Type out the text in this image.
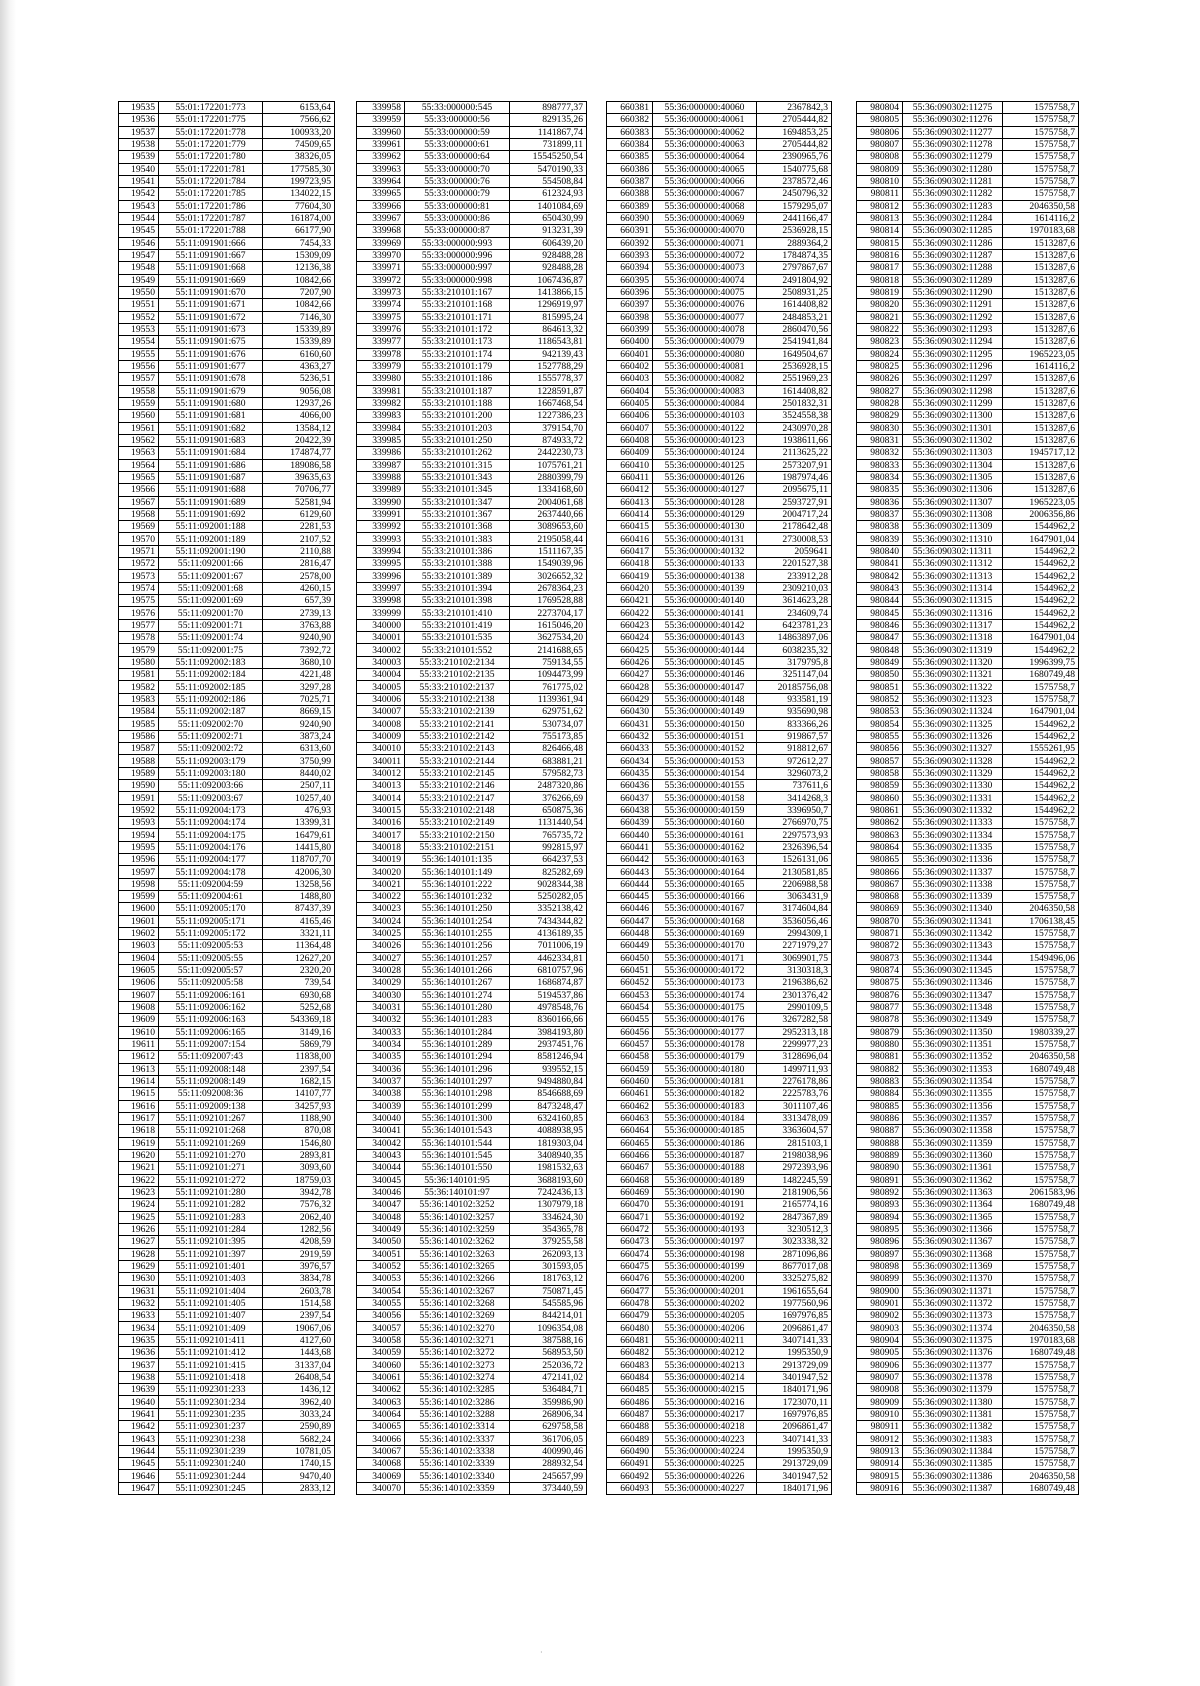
19535	55:01:172201:773	6153,64
19536	55:01:172201:775	7566,62
19537	55:01:172201:778	100933,20
19538	55:01:172201:779	74509,65
19539	55:01:172201:780	38326,05
19540	55:01:172201:781	177585,30
19541	55:01:172201:784	199723,95
19542	55:01:172201:785	134022,15
19543	55:01:172201:786	77604,30
19544	55:01:172201:787	161874,00
19545	55:01:172201:788	66177,90
19546	55:11:091901:666	7454,33
19547	55:11:091901:667	15309,09
19548	55:11:091901:668	12136,38
19549	55:11:091901:669	10842,66
19550	55:11:091901:670	7207,90
19551	55:11:091901:671	10842,66
19552	55:11:091901:672	7146,30
19553	55:11:091901:673	15339,89
19554	55:11:091901:675	15339,89
19555	55:11:091901:676	6160,60
19556	55:11:091901:677	4363,27
19557	55:11:091901:678	5236,51
19558	55:11:091901:679	9056,08
19559	55:11:091901:680	12937,26
19560	55:11:091901:681	4066,00
19561	55:11:091901:682	13584,12
19562	55:11:091901:683	20422,39
19563	55:11:091901:684	174874,77
19564	55:11:091901:686	189086,58
19565	55:11:091901:687	39635,63
19566	55:11:091901:688	70706,77
19567	55:11:091901:689	52581,94
19568	55:11:091901:692	6129,60
19569	55:11:092001:188	2281,53
19570	55:11:092001:189	2107,52
19571	55:11:092001:190	2110,88
19572	55:11:092001:66	2816,47
19573	55:11:092001:67	2578,00
19574	55:11:092001:68	4260,15
19575	55:11:092001:69	657,39
19576	55:11:092001:70	2739,13
19577	55:11:092001:71	3763,88
19578	55:11:092001:74	9240,90
19579	55:11:092001:75	7392,72
19580	55:11:092002:183	3680,10
19581	55:11:092002:184	4221,48
19582	55:11:092002:185	3297,28
19583	55:11:092002:186	7025,71
19584	55:11:092002:187	8669,15
19585	55:11:092002:70	9240,90
19586	55:11:092002:71	3873,24
19587	55:11:092002:72	6313,60
19588	55:11:092003:179	3750,99
19589	55:11:092003:180	8440,02
19590	55:11:092003:66	2507,11
19591	55:11:092003:67	10257,40
19592	55:11:092004:173	476,93
19593	55:11:092004:174	13399,31
19594	55:11:092004:175	16479,61
19595	55:11:092004:176	14415,80
19596	55:11:092004:177	118707,70
19597	55:11:092004:178	42006,30
19598	55:11:092004:59	13258,56
19599	55:11:092004:61	1488,80
19600	55:11:092005:170	87437,39
19601	55:11:092005:171	4165,46
19602	55:11:092005:172	3321,11
19603	55:11:092005:53	11364,48
19604	55:11:092005:55	12627,20
19605	55:11:092005:57	2320,20
19606	55:11:092005:58	739,54
19607	55:11:092006:161	6930,68
19608	55:11:092006:162	5252,68
19609	55:11:092006:163	543369,18
19610	55:11:092006:165	3149,16
19611	55:11:092007:154	5869,79
19612	55:11:092007:43	11838,00
19613	55:11:092008:148	2397,54
19614	55:11:092008:149	1682,15
19615	55:11:092008:36	14107,77
19616	55:11:092009:138	34257,93
19617	55:11:092101:267	1188,90
19618	55:11:092101:268	870,08
19619	55:11:092101:269	1546,80
19620	55:11:092101:270	2893,81
19621	55:11:092101:271	3093,60
19622	55:11:092101:272	18759,03
19623	55:11:092101:280	3942,78
19624	55:11:092101:282	7576,32
19625	55:11:092101:283	2062,40
19626	55:11:092101:284	1282,56
19627	55:11:092101:395	4208,59
19628	55:11:092101:397	2919,59
19629	55:11:092101:401	3976,57
19630	55:11:092101:403	3834,78
19631	55:11:092101:404	2603,78
19632	55:11:092101:405	1514,58
19633	55:11:092101:407	2397,54
19634	55:11:092101:409	19067,06
19635	55:11:092101:411	4127,60
19636	55:11:092101:412	1443,68
19637	55:11:092101:415	31337,04
19638	55:11:092101:418	26408,54
19639	55:11:092301:233	1436,12
19640	55:11:092301:234	3962,40
19641	55:11:092301:235	3033,24
19642	55:11:092301:237	2590,89
19643	55:11:092301:238	5682,24
19644	55:11:092301:239	10781,05
19645	55:11:092301:240	1740,15
19646	55:11:092301:244	9470,40
19647	55:11:092301:245	2833,12
339958	55:33:000000:545	898777,37
339959	55:33:000000:56	829135,26
339960	55:33:000000:59	1141867,74
339961	55:33:000000:61	731899,11
339962	55:33:000000:64	15545250,54
339963	55:33:000000:70	5470190,33
339964	55:33:000000:76	554508,84
339965	55:33:000000:79	612324,93
339966	55:33:000000:81	1401084,69
339967	55:33:000000:86	650430,99
339968	55:33:000000:87	913231,39
339969	55:33:000000:993	606439,20
339970	55:33:000000:996	928488,28
339971	55:33:000000:997	928488,28
339972	55:33:000000:998	1067436,87
339973	55:33:210101:167	1413866,15
339974	55:33:210101:168	1296919,97
339975	55:33:210101:171	815995,24
339976	55:33:210101:172	864613,32
339977	55:33:210101:173	1186543,81
339978	55:33:210101:174	942139,43
339979	55:33:210101:179	1527788,29
339980	55:33:210101:186	1555778,37
339981	55:33:210101:187	1228591,87
339982	55:33:210101:188	1667468,54
339983	55:33:210101:200	1227386,23
339984	55:33:210101:203	379154,70
339985	55:33:210101:250	874933,72
339986	55:33:210101:262	2442230,73
339987	55:33:210101:315	1075761,21
339988	55:33:210101:343	2880399,79
339989	55:33:210101:345	1334168,60
339990	55:33:210101:347	2004061,68
339991	55:33:210101:367	2637440,66
339992	55:33:210101:368	3089653,60
339993	55:33:210101:383	2195058,44
339994	55:33:210101:386	1511167,35
339995	55:33:210101:388	1549039,96
339996	55:33:210101:389	3026652,32
339997	55:33:210101:394	2678364,23
339998	55:33:210101:398	1769528,88
339999	55:33:210101:410	2273704,17
340000	55:33:210101:419	1615046,20
340001	55:33:210101:535	3627534,20
340002	55:33:210101:552	2141688,65
340003	55:33:210102:2134	759134,55
340004	55:33:210102:2135	1094473,99
340005	55:33:210102:2137	761775,02
340006	55:33:210102:2138	1139361,94
340007	55:33:210102:2139	629751,62
340008	55:33:210102:2141	530734,07
340009	55:33:210102:2142	755173,85
340010	55:33:210102:2143	826466,48
340011	55:33:210102:2144	683881,21
340012	55:33:210102:2145	579582,73
340013	55:33:210102:2146	2487320,86
340014	55:33:210102:2147	376266,69
340015	55:33:210102:2148	650875,36
340016	55:33:210102:2149	1131440,54
340017	55:33:210102:2150	765735,72
340018	55:33:210102:2151	992815,97
340019	55:36:140101:135	664237,53
340020	55:36:140101:149	825282,69
340021	55:36:140101:222	9028344,38
340022	55:36:140101:232	5250282,05
340023	55:36:140101:250	3352138,42
340024	55:36:140101:254	7434344,82
340025	55:36:140101:255	4136189,35
340026	55:36:140101:256	7011006,19
340027	55:36:140101:257	4462334,81
340028	55:36:140101:266	6810757,96
340029	55:36:140101:267	1686874,87
340030	55:36:140101:274	5194537,86
340031	55:36:140101:280	4978548,76
340032	55:36:140101:283	8360166,66
340033	55:36:140101:284	3984193,80
340034	55:36:140101:289	2937451,76
340035	55:36:140101:294	8581246,94
340036	55:36:140101:296	939552,15
340037	55:36:140101:297	9494880,84
340038	55:36:140101:298	8546688,69
340039	55:36:140101:299	8473248,47
340040	55:36:140101:300	6324160,85
340041	55:36:140101:543	4088938,95
340042	55:36:140101:544	1819303,04
340043	55:36:140101:545	3408940,35
340044	55:36:140101:550	1981532,63
340045	55:36:140101:95	3688193,60
340046	55:36:140101:97	7242436,13
340047	55:36:140102:3252	1307979,18
340048	55:36:140102:3257	334624,30
340049	55:36:140102:3259	354365,78
340050	55:36:140102:3262	379255,58
340051	55:36:140102:3263	262093,13
340052	55:36:140102:3265	301593,05
340053	55:36:140102:3266	181763,12
340054	55:36:140102:3267	750871,45
340055	55:36:140102:3268	545585,96
340056	55:36:140102:3269	844214,01
340057	55:36:140102:3270	1096354,08
340058	55:36:140102:3271	387588,16
340059	55:36:140102:3272	568953,50
340060	55:36:140102:3273	252036,72
340061	55:36:140102:3274	472141,02
340062	55:36:140102:3285	536484,71
340063	55:36:140102:3286	359986,90
340064	55:36:140102:3288	268906,34
340065	55:36:140102:3314	629758,58
340066	55:36:140102:3337	361706,05
340067	55:36:140102:3338	400990,46
340068	55:36:140102:3339	288932,54
340069	55:36:140102:3340	245657,99
340070	55:36:140102:3359	373440,59
660381	55:36:000000:40060	2367842,3
660382	55:36:000000:40061	2705444,82
660383	55:36:000000:40062	1694853,25
660384	55:36:000000:40063	2705444,82
660385	55:36:000000:40064	2390965,76
660386	55:36:000000:40065	1540775,68
660387	55:36:000000:40066	2378572,46
660388	55:36:000000:40067	2450796,32
660389	55:36:000000:40068	1579295,07
660390	55:36:000000:40069	2441166,47
660391	55:36:000000:40070	2536928,15
660392	55:36:000000:40071	2889364,2
660393	55:36:000000:40072	1784874,35
660394	55:36:000000:40073	2797867,67
660395	55:36:000000:40074	2491804,92
660396	55:36:000000:40075	2508931,25
660397	55:36:000000:40076	1614408,82
660398	55:36:000000:40077	2484853,21
660399	55:36:000000:40078	2860470,56
660400	55:36:000000:40079	2541941,84
660401	55:36:000000:40080	1649504,67
660402	55:36:000000:40081	2536928,15
660403	55:36:000000:40082	2551969,23
660404	55:36:000000:40083	1614408,82
660405	55:36:000000:40084	2501832,31
660406	55:36:000000:40103	3524558,38
660407	55:36:000000:40122	2430970,28
660408	55:36:000000:40123	1938611,66
660409	55:36:000000:40124	2113625,22
660410	55:36:000000:40125	2573207,91
660411	55:36:000000:40126	1987974,46
660412	55:36:000000:40127	2095675,11
660413	55:36:000000:40128	2593727,91
660414	55:36:000000:40129	2004717,24
660415	55:36:000000:40130	2178642,48
660416	55:36:000000:40131	2730008,53
660417	55:36:000000:40132	2059641
660418	55:36:000000:40133	2201527,38
660419	55:36:000000:40138	233912,28
660420	55:36:000000:40139	2309210,03
660421	55:36:000000:40140	3614623,28
660422	55:36:000000:40141	234609,74
660423	55:36:000000:40142	6423781,23
660424	55:36:000000:40143	14863897,06
660425	55:36:000000:40144	6038235,32
660426	55:36:000000:40145	3179795,8
660427	55:36:000000:40146	3251147,04
660428	55:36:000000:40147	20185756,08
660429	55:36:000000:40148	933581,19
660430	55:36:000000:40149	935690,98
660431	55:36:000000:40150	833366,26
660432	55:36:000000:40151	919867,57
660433	55:36:000000:40152	918812,67
660434	55:36:000000:40153	972612,27
660435	55:36:000000:40154	3296073,2
660436	55:36:000000:40155	737611,6
660437	55:36:000000:40158	3414268,3
660438	55:36:000000:40159	3396950,7
660439	55:36:000000:40160	2766970,75
660440	55:36:000000:40161	2297573,93
660441	55:36:000000:40162	2326396,54
660442	55:36:000000:40163	1526131,06
660443	55:36:000000:40164	2130581,85
660444	55:36:000000:40165	2206988,58
660445	55:36:000000:40166	3063431,9
660446	55:36:000000:40167	3174604,84
660447	55:36:000000:40168	3536056,46
660448	55:36:000000:40169	2994309,1
660449	55:36:000000:40170	2271979,27
660450	55:36:000000:40171	3069901,75
660451	55:36:000000:40172	3130318,3
660452	55:36:000000:40173	2196386,62
660453	55:36:000000:40174	2301376,42
660454	55:36:000000:40175	2990109,5
660455	55:36:000000:40176	3267282,58
660456	55:36:000000:40177	2952313,18
660457	55:36:000000:40178	2299977,23
660458	55:36:000000:40179	3128696,04
660459	55:36:000000:40180	1499711,93
660460	55:36:000000:40181	2276178,86
660461	55:36:000000:40182	2225783,76
660462	55:36:000000:40183	3011107,46
660463	55:36:000000:40184	3313478,09
660464	55:36:000000:40185	3363604,57
660465	55:36:000000:40186	2815103,1
660466	55:36:000000:40187	2198038,96
660467	55:36:000000:40188	2972393,96
660468	55:36:000000:40189	1482245,59
660469	55:36:000000:40190	2181906,56
660470	55:36:000000:40191	2165774,16
660471	55:36:000000:40192	2847367,89
660472	55:36:000000:40193	3230512,3
660473	55:36:000000:40197	3023338,32
660474	55:36:000000:40198	2871096,86
660475	55:36:000000:40199	8677017,08
660476	55:36:000000:40200	3325275,82
660477	55:36:000000:40201	1961655,64
660478	55:36:000000:40202	1977560,96
660479	55:36:000000:40205	1697976,85
660480	55:36:000000:40206	2096861,47
660481	55:36:000000:40211	3407141,33
660482	55:36:000000:40212	1995350,9
660483	55:36:000000:40213	2913729,09
660484	55:36:000000:40214	3401947,52
660485	55:36:000000:40215	1840171,96
660486	55:36:000000:40216	1723070,11
660487	55:36:000000:40217	1697976,85
660488	55:36:000000:40218	2096861,47
660489	55:36:000000:40223	3407141,33
660490	55:36:000000:40224	1995350,9
660491	55:36:000000:40225	2913729,09
660492	55:36:000000:40226	3401947,52
660493	55:36:000000:40227	1840171,96
980804	55:36:090302:11275	1575758,7
980805	55:36:090302:11276	1575758,7
980806	55:36:090302:11277	1575758,7
980807	55:36:090302:11278	1575758,7
980808	55:36:090302:11279	1575758,7
980809	55:36:090302:11280	1575758,7
980810	55:36:090302:11281	1575758,7
980811	55:36:090302:11282	1575758,7
980812	55:36:090302:11283	2046350,58
980813	55:36:090302:11284	1614116,2
980814	55:36:090302:11285	1970183,68
980815	55:36:090302:11286	1513287,6
980816	55:36:090302:11287	1513287,6
980817	55:36:090302:11288	1513287,6
980818	55:36:090302:11289	1513287,6
980819	55:36:090302:11290	1513287,6
980820	55:36:090302:11291	1513287,6
980821	55:36:090302:11292	1513287,6
980822	55:36:090302:11293	1513287,6
980823	55:36:090302:11294	1513287,6
980824	55:36:090302:11295	1965223,05
980825	55:36:090302:11296	1614116,2
980826	55:36:090302:11297	1513287,6
980827	55:36:090302:11298	1513287,6
980828	55:36:090302:11299	1513287,6
980829	55:36:090302:11300	1513287,6
980830	55:36:090302:11301	1513287,6
980831	55:36:090302:11302	1513287,6
980832	55:36:090302:11303	1945717,12
980833	55:36:090302:11304	1513287,6
980834	55:36:090302:11305	1513287,6
980835	55:36:090302:11306	1513287,6
980836	55:36:090302:11307	1965223,05
980837	55:36:090302:11308	2006356,86
980838	55:36:090302:11309	1544962,2
980839	55:36:090302:11310	1647901,04
980840	55:36:090302:11311	1544962,2
980841	55:36:090302:11312	1544962,2
980842	55:36:090302:11313	1544962,2
980843	55:36:090302:11314	1544962,2
980844	55:36:090302:11315	1544962,2
980845	55:36:090302:11316	1544962,2
980846	55:36:090302:11317	1544962,2
980847	55:36:090302:11318	1647901,04
980848	55:36:090302:11319	1544962,2
980849	55:36:090302:11320	1996399,75
980850	55:36:090302:11321	1680749,48
980851	55:36:090302:11322	1575758,7
980852	55:36:090302:11323	1575758,7
980853	55:36:090302:11324	1647901,04
980854	55:36:090302:11325	1544962,2
980855	55:36:090302:11326	1544962,2
980856	55:36:090302:11327	1555261,95
980857	55:36:090302:11328	1544962,2
980858	55:36:090302:11329	1544962,2
980859	55:36:090302:11330	1544962,2
980860	55:36:090302:11331	1544962,2
980861	55:36:090302:11332	1544962,2
980862	55:36:090302:11333	1575758,7
980863	55:36:090302:11334	1575758,7
980864	55:36:090302:11335	1575758,7
980865	55:36:090302:11336	1575758,7
980866	55:36:090302:11337	1575758,7
980867	55:36:090302:11338	1575758,7
980868	55:36:090302:11339	1575758,7
980869	55:36:090302:11340	2046350,58
980870	55:36:090302:11341	1706138,45
980871	55:36:090302:11342	1575758,7
980872	55:36:090302:11343	1575758,7
980873	55:36:090302:11344	1549496,06
980874	55:36:090302:11345	1575758,7
980875	55:36:090302:11346	1575758,7
980876	55:36:090302:11347	1575758,7
980877	55:36:090302:11348	1575758,7
980878	55:36:090302:11349	1575758,7
980879	55:36:090302:11350	1980339,27
980880	55:36:090302:11351	1575758,7
980881	55:36:090302:11352	2046350,58
980882	55:36:090302:11353	1680749,48
980883	55:36:090302:11354	1575758,7
980884	55:36:090302:11355	1575758,7
980885	55:36:090302:11356	1575758,7
980886	55:36:090302:11357	1575758,7
980887	55:36:090302:11358	1575758,7
980888	55:36:090302:11359	1575758,7
980889	55:36:090302:11360	1575758,7
980890	55:36:090302:11361	1575758,7
980891	55:36:090302:11362	1575758,7
980892	55:36:090302:11363	2061583,96
980893	55:36:090302:11364	1680749,48
980894	55:36:090302:11365	1575758,7
980895	55:36:090302:11366	1575758,7
980896	55:36:090302:11367	1575758,7
980897	55:36:090302:11368	1575758,7
980898	55:36:090302:11369	1575758,7
980899	55:36:090302:11370	1575758,7
980900	55:36:090302:11371	1575758,7
980901	55:36:090302:11372	1575758,7
980902	55:36:090302:11373	1575758,7
980903	55:36:090302:11374	2046350,58
980904	55:36:090302:11375	1970183,68
980905	55:36:090302:11376	1680749,48
980906	55:36:090302:11377	1575758,7
980907	55:36:090302:11378	1575758,7
980908	55:36:090302:11379	1575758,7
980909	55:36:090302:11380	1575758,7
980910	55:36:090302:11381	1575758,7
980911	55:36:090302:11382	1575758,7
980912	55:36:090302:11383	1575758,7
980913	55:36:090302:11384	1575758,7
980914	55:36:090302:11385	1575758,7
980915	55:36:090302:11386	2046350,58
980916	55:36:090302:11387	1680749,48
·
